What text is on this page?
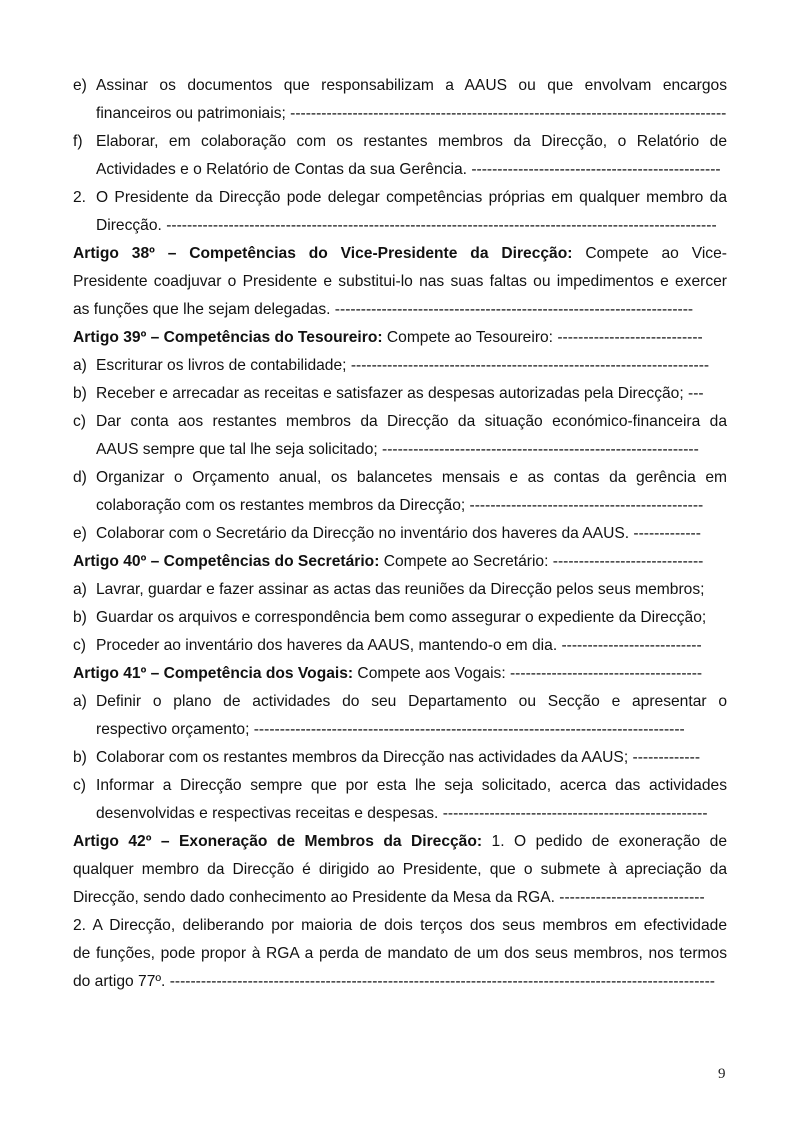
e) Assinar os documentos que responsabilizam a AAUS ou que envolvam encargos
financeiros ou patrimoniais; ------------------------------------------------------------------------------------
f) Elaborar, em colaboração com os restantes membros da Direcção, o Relatório de
Actividades e o Relatório de Contas da sua Gerência. ------------------------------------------------
2. O Presidente da Direcção pode delegar competências próprias em qualquer membro da
Direcção. ----------------------------------------------------------------------------------------------------------
Artigo 38º – Competências do Vice-Presidente da Direcção: Compete ao Vice-
Presidente coadjuvar o Presidente e substitui-lo nas suas faltas ou impedimentos e exercer
as funções que lhe sejam delegadas. ---------------------------------------------------------------------
Artigo 39º – Competências do Tesoureiro: Compete ao Tesoureiro: ----------------------------
a) Escriturar os livros de contabilidade; ---------------------------------------------------------------------
b) Receber e arrecadar as receitas e satisfazer as despesas autorizadas pela Direcção; ---
c) Dar conta aos restantes membros da Direcção da situação económico-financeira da
AAUS sempre que tal lhe seja solicitado; -------------------------------------------------------------
d) Organizar o Orçamento anual, os balancetes mensais e as contas da gerência em
colaboração com os restantes membros da Direcção; ---------------------------------------------
e) Colaborar com o Secretário da Direcção no inventário dos haveres da AAUS. -------------
Artigo 40º – Competências do Secretário: Compete ao Secretário: -----------------------------
a) Lavrar, guardar e fazer assinar as actas das reuniões da Direcção pelos seus membros;
b) Guardar os arquivos e correspondência bem como assegurar o expediente da Direcção;
c) Proceder ao inventário dos haveres da AAUS, mantendo-o em dia. ---------------------------
Artigo 41º – Competência dos Vogais: Compete aos Vogais: -------------------------------------
a) Definir o plano de actividades do seu Departamento ou Secção e apresentar o
respectivo orçamento; -----------------------------------------------------------------------------------
b) Colaborar com os restantes membros da Direcção nas actividades da AAUS; -------------
c) Informar a Direcção sempre que por esta lhe seja solicitado, acerca das actividades
desenvolvidas e respectivas receitas e despesas. ---------------------------------------------------
Artigo 42º – Exoneração de Membros da Direcção: 1. O pedido de exoneração de
qualquer membro da Direcção é dirigido ao Presidente, que o submete à apreciação da
Direcção, sendo dado conhecimento ao Presidente da Mesa da RGA. ----------------------------
2. A Direcção, deliberando por maioria de dois terços dos seus membros em efectividade
de funções, pode propor à RGA a perda de mandato de um dos seus membros, nos termos
do artigo 77º. ---------------------------------------------------------------------------------------------------------
9
